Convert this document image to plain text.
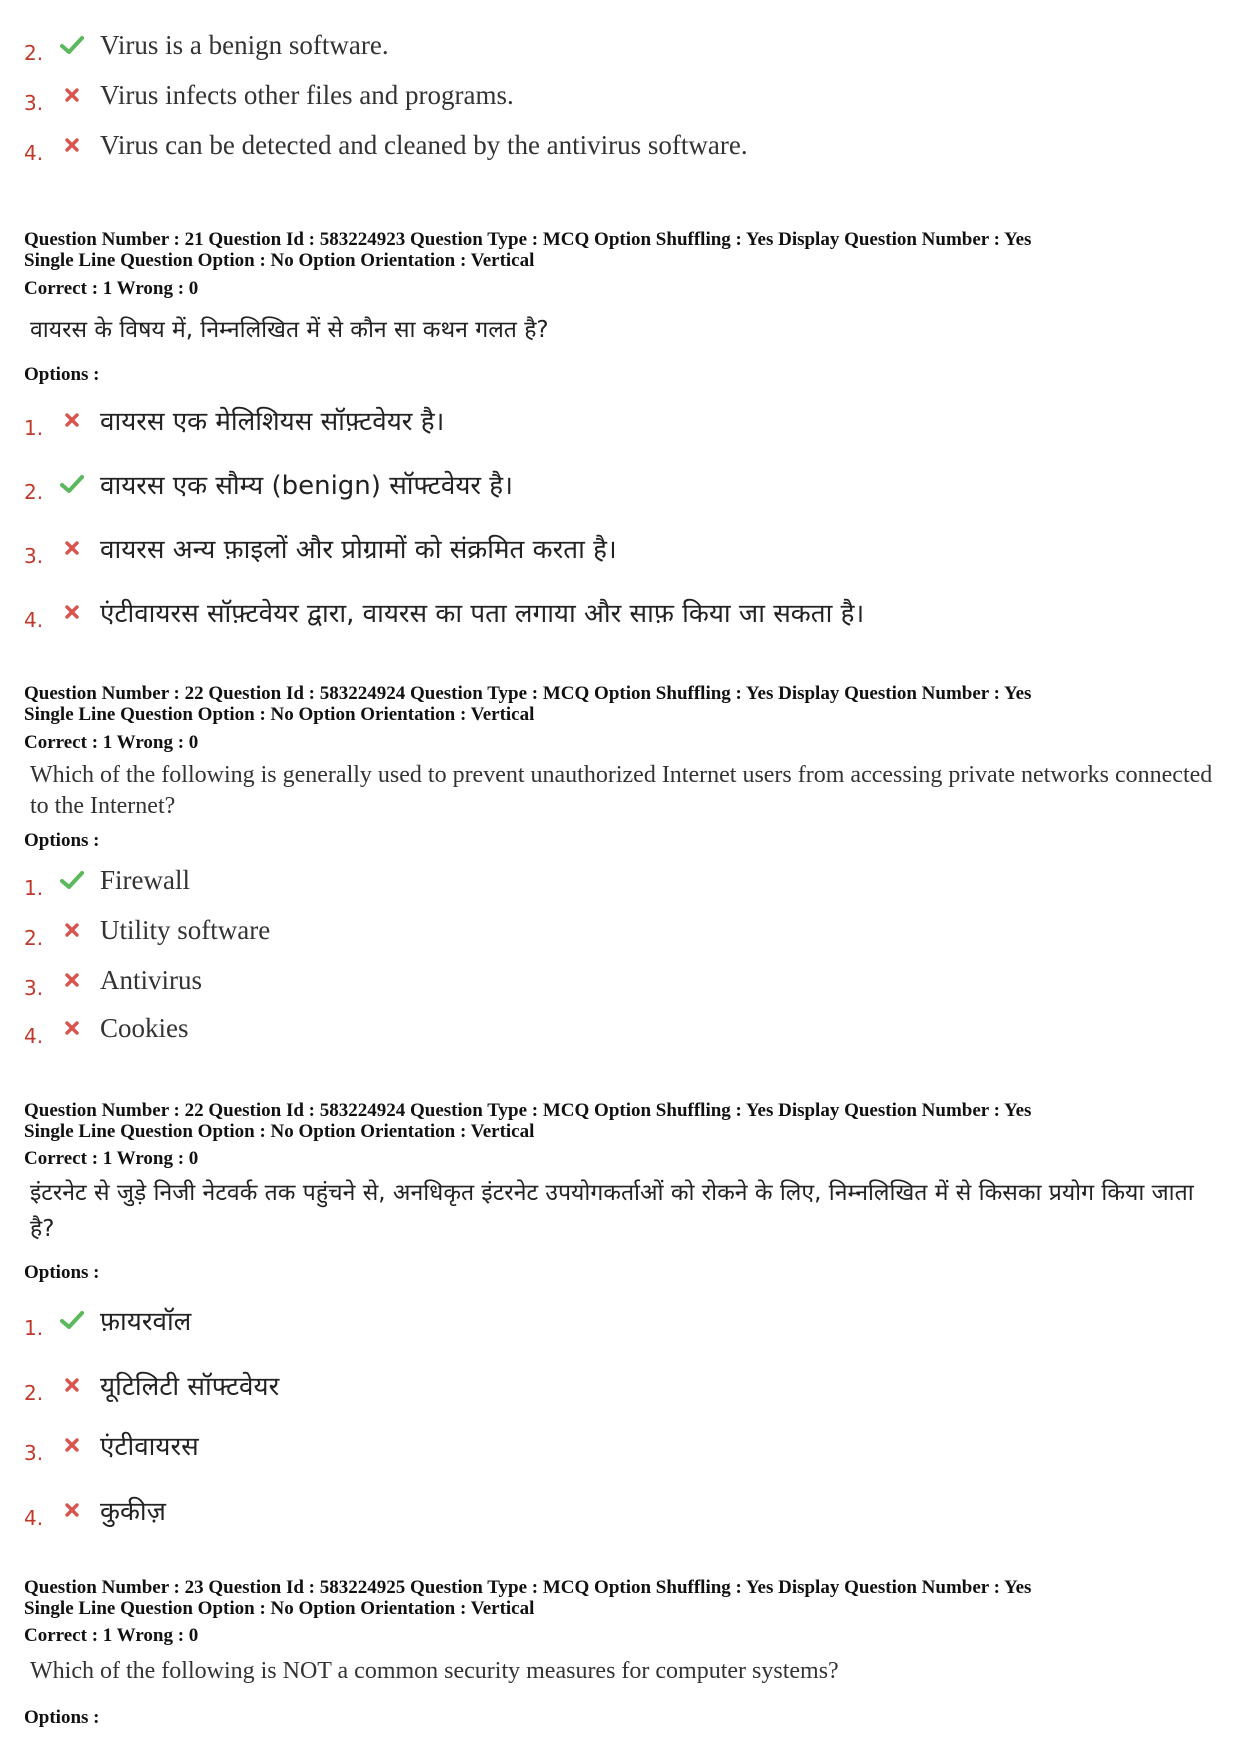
2. Virus is a benign software.
3. Virus infects other files and programs.
4. Virus can be detected and cleaned by the antivirus software.
Question Number : 21 Question Id : 583224923 Question Type : MCQ Option Shuffling : Yes Display Question Number : Yes
Single Line Question Option : No Option Orientation : Vertical
Correct : 1 Wrong : 0
वायरस के विषय में, निम्नलिखित में से कौन सा कथन गलत है?
Options :
1. वायरस एक मेलिशियस सॉफ़्टवेयर है।
2. वायरस एक सौम्य (benign) सॉफ्टवेयर है।
3. वायरस अन्य फ़ाइलों और प्रोग्रामों को संक्रमित करता है।
4. एंटीवायरस सॉफ़्टवेयर द्वारा, वायरस का पता लगाया और साफ़ किया जा सकता है।
Question Number : 22 Question Id : 583224924 Question Type : MCQ Option Shuffling : Yes Display Question Number : Yes
Single Line Question Option : No Option Orientation : Vertical
Correct : 1 Wrong : 0
Which of the following is generally used to prevent unauthorized Internet users from accessing private networks connected to the Internet?
Options :
1. Firewall
2. Utility software
3. Antivirus
4. Cookies
Question Number : 22 Question Id : 583224924 Question Type : MCQ Option Shuffling : Yes Display Question Number : Yes
Single Line Question Option : No Option Orientation : Vertical
Correct : 1 Wrong : 0
इंटरनेट से जुड़े निजी नेटवर्क तक पहुंचने से, अनधिकृत इंटरनेट उपयोगकर्ताओं को रोकने के लिए, निम्नलिखित में से किसका प्रयोग किया जाता है?
Options :
1. फ़ायरवॉल
2. यूटिलिटी सॉफ्टवेयर
3. एंटीवायरस
4. कुकीज़
Question Number : 23 Question Id : 583224925 Question Type : MCQ Option Shuffling : Yes Display Question Number : Yes
Single Line Question Option : No Option Orientation : Vertical
Correct : 1 Wrong : 0
Which of the following is NOT a common security measures for computer systems?
Options :
